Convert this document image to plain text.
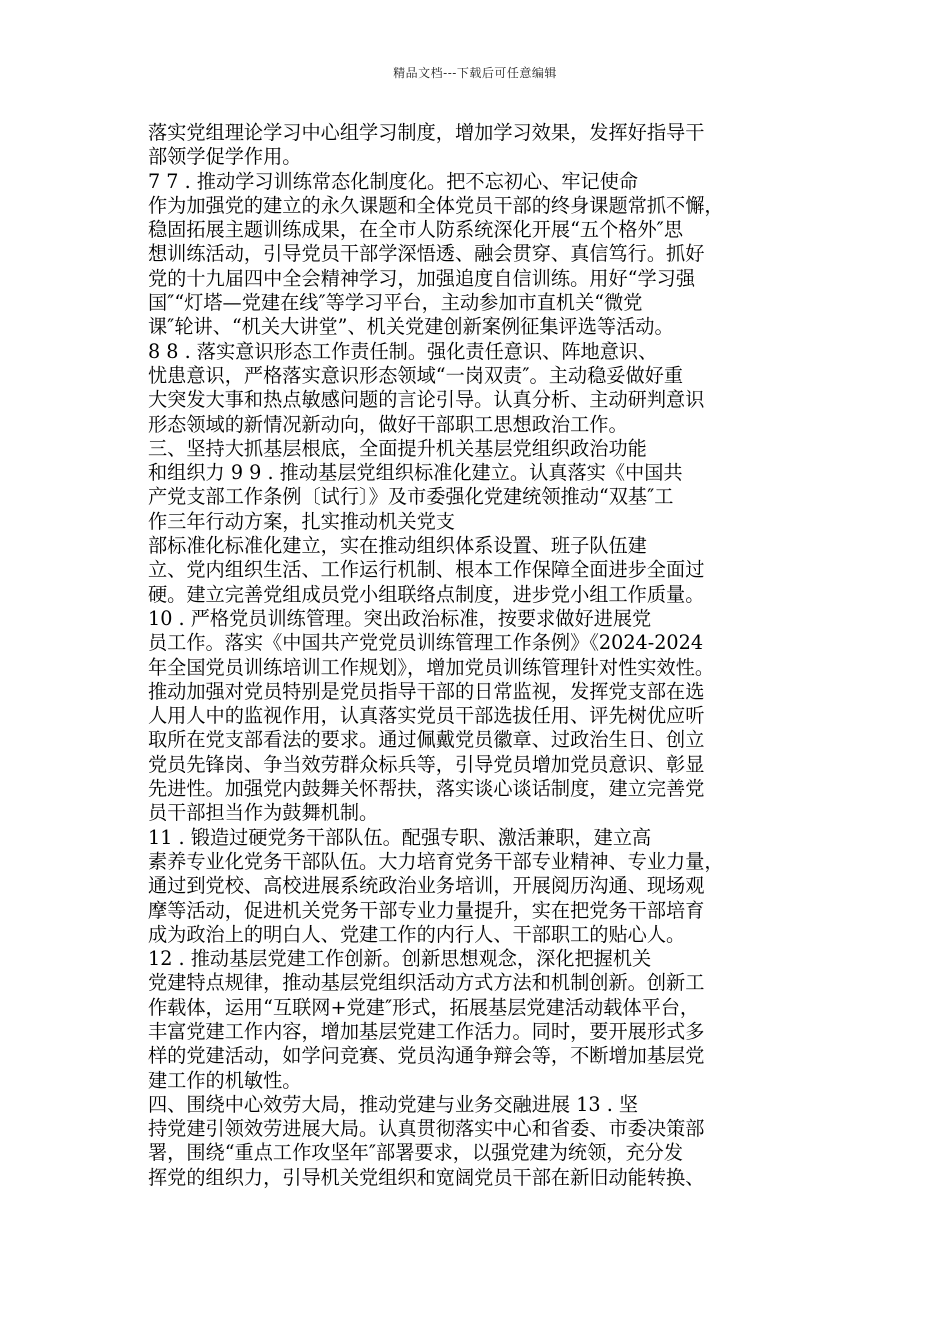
精品文档---下载后可任意编辑
落实党组理论学习中心组学习制度，增加学习效果，发挥好指导干
部领学促学作用。
7 7 . 推动学习训练常态化制度化。把不忘初心、牢记使命
作为加强党的建立的永久课题和全体党员干部的终身课题常抓不懈，
稳固拓展主题训练成果，在全市人防系统深化开展“五个格外″思
想训练活动，引导党员干部学深悟透、融会贯穿、真信笃行。抓好
党的十九届四中全会精神学习，加强追度自信训练。用好“学习强
国″“灯塔—党建在线″等学习平台，主动参加市直机关“微党
课″轮讲、“机关大讲堂”、机关党建创新案例征集评选等活动。
8 8 . 落实意识形态工作责任制。强化责任意识、阵地意识、
忧患意识，严格落实意识形态领域“一岗双责″。主动稳妥做好重
大突发大事和热点敏感问题的言论引导。认真分析、主动研判意识
形态领域的新情况新动向，做好干部职工思想政治工作。
三、坚持大抓基层根底，全面提升机关基层党组织政治功能
和组织力 9 9 . 推动基层党组织标准化建立。认真落实《中国共
产党支部工作条例〔试行〕》及市委强化党建统领推动“双基″工
作三年行动方案，扎实推动机关党支
部标准化标准化建立，实在推动组织体系设置、班子队伍建
立、党内组织生活、工作运行机制、根本工作保障全面进步全面过
硬。建立完善党组成员党小组联络点制度，进步党小组工作质量。
10 . 严格党员训练管理。突出政治标准，按要求做好进展党
员工作。落实《中国共产党党员训练管理工作条例》《2024-2024
年全国党员训练培训工作规划》，增加党员训练管理针对性实效性。
推动加强对党员特别是党员指导干部的日常监视，发挥党支部在选
人用人中的监视作用，认真落实党员干部选拔任用、评先树优应听
取所在党支部看法的要求。通过佩戴党员徽章、过政治生日、创立
党员先锋岗、争当效劳群众标兵等，引导党员增加党员意识、彰显
先进性。加强党内鼓舞关怀帮扶，落实谈心谈话制度，建立完善党
员干部担当作为鼓舞机制。
11 . 锻造过硬党务干部队伍。配强专职、激活兼职，建立高
素养专业化党务干部队伍。大力培育党务干部专业精神、专业力量，
通过到党校、高校进展系统政治业务培训，开展阅历沟通、现场观
摩等活动，促进机关党务干部专业力量提升，实在把党务干部培育
成为政治上的明白人、党建工作的内行人、干部职工的贴心人。
12 . 推动基层党建工作创新。创新思想观念，深化把握机关
党建特点规律，推动基层党组织活动方式方法和机制创新。创新工
作载体，运用“互联网+党建″形式，拓展基层党建活动载体平台，
丰富党建工作内容，增加基层党建工作活力。同时，要开展形式多
样的党建活动，如学问竞赛、党员沟通争辩会等，不断增加基层党
建工作的机敏性。
四、围绕中心效劳大局，推动党建与业务交融进展 13 . 坚
持党建引领效劳进展大局。认真贯彻落实中心和省委、市委决策部
署，围绕“重点工作攻坚年″部署要求，以强党建为统领，充分发
挥党的组织力，引导机关党组织和宽阔党员干部在新旧动能转换、
